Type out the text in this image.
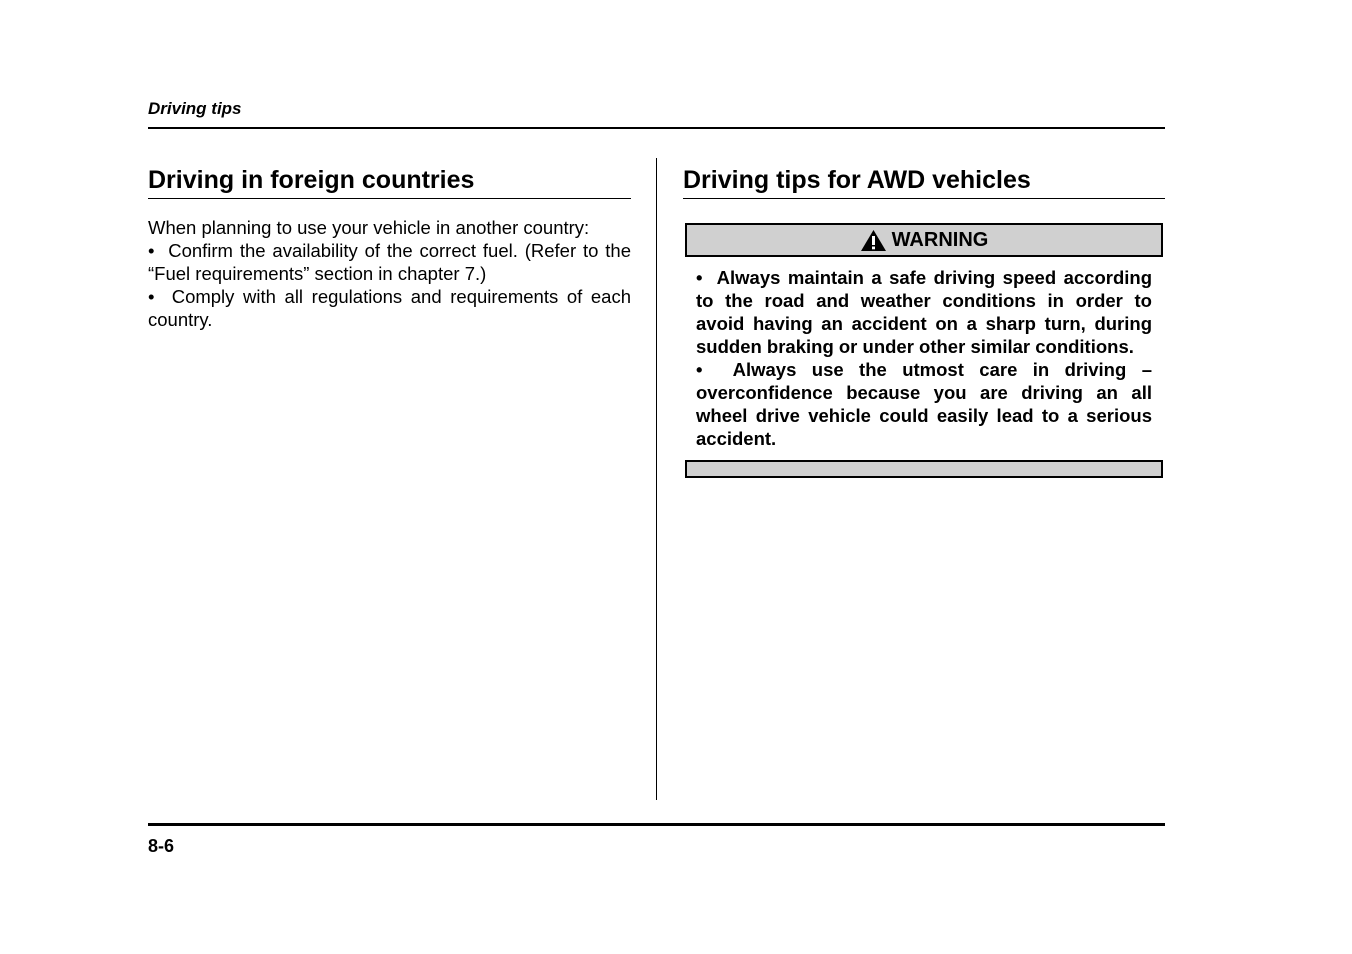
Driving tips
Driving in foreign countries

When planning to use your vehicle in another country:

•  Confirm the availability of the correct fuel. (Refer to the “Fuel requirements” section in chapter 7.)

•  Comply with all regulations and requirements of each country.

Driving tips for AWD vehicles
WARNING

•  Always maintain a safe driving speed according to the road and weather conditions in order to avoid having an accident on a sharp turn, during sudden braking or under other similar conditions.

•  Always use the utmost care in driving – overconfidence because you are driving an all wheel drive vehicle could easily lead to a serious accident.

8-6
